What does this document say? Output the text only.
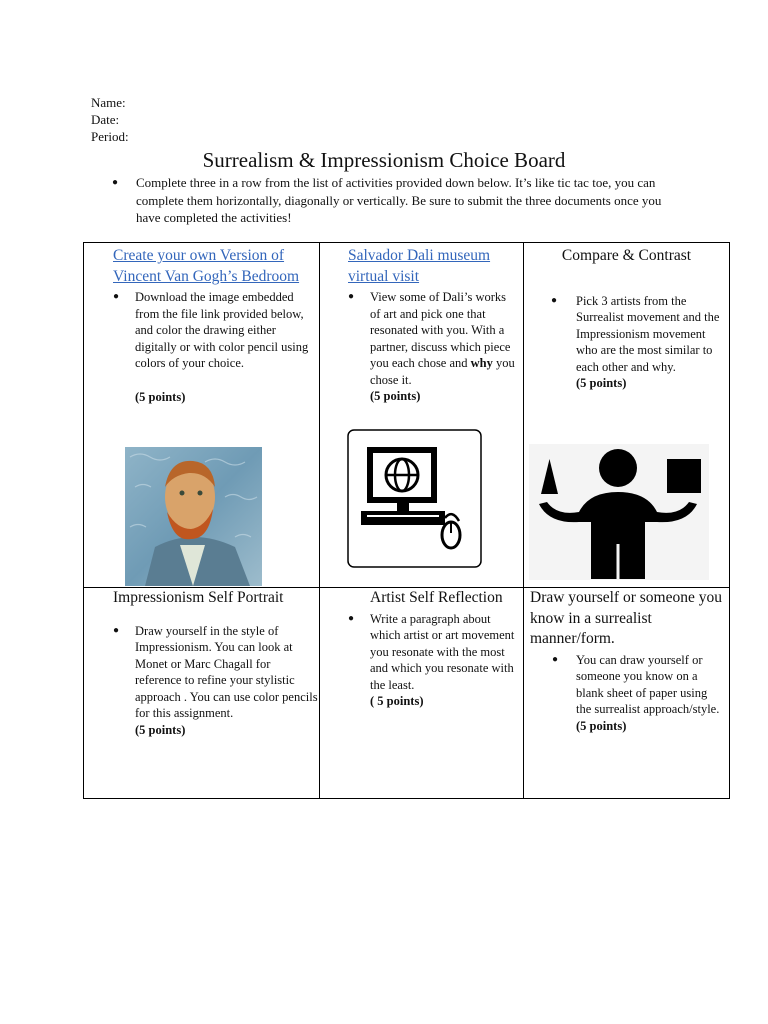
Name:
Date:
Period:
Surrealism & Impressionism Choice Board
● Complete three in a row from the list of activities provided down below. It’s like tic tac toe, you can complete them horizontally, diagonally or vertically. Be sure to submit the three documents once you have completed the activities!

Create your own Version of Vincent Van Gogh’s Bedroom

● Download the image embedded from the file link provided below, and color the drawing either digitally or with color pencil using colors of your choice.
(5 points)

Salvador Dali museum virtual visit

● View some of Dali’s works of art and pick one that resonated with you. With a partner, discuss which piece you each chose and why you chose it.
(5 points)

Compare & Contrast

● Pick 3 artists from the Surrealist movement and the Impressionism movement who are the most similar to each other and why.
(5 points)

Impressionism Self Portrait

● Draw yourself in the style of Impressionism. You can look at Monet or Marc Chagall for reference to refine your stylistic approach . You can use color pencils for this assignment.
(5 points)

Artist Self Reflection

● Write a paragraph about which artist or art movement you resonate with the most and which you resonate with the least.
( 5 points)

Draw yourself or someone you know in a surrealist manner/form.

● You can draw yourself or someone you know on a blank sheet of paper using the surrealist approach/style.
(5 points)
